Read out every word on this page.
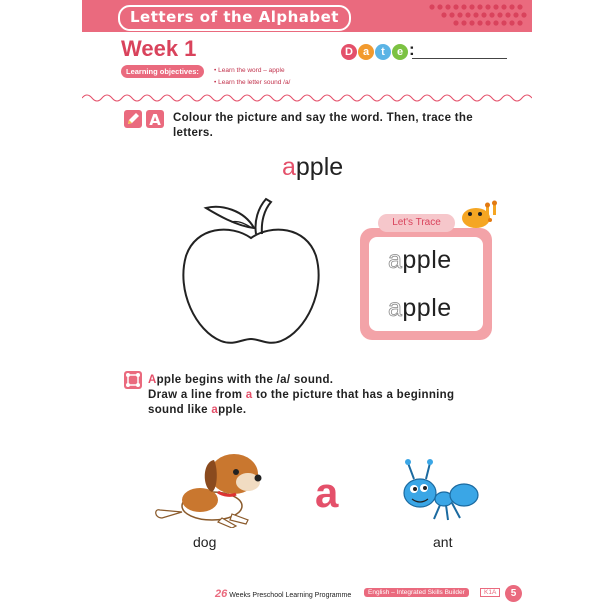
Letters of the Alphabet
Week 1	D a t e :
Learning objectives:	• Learn the word – apple
• Learn the letter sound /a/
A Colour the picture and say the word. Then, trace the
letters.
apple
Let's Trace
apple
apple
Apple begins with the /a/ sound.
Draw a line from a to the picture that has a beginning
sound like apple.
dog
a
ant
26 Weeks Preschool Learning Programme	English – Integrated Skills Builder	K1A	5
